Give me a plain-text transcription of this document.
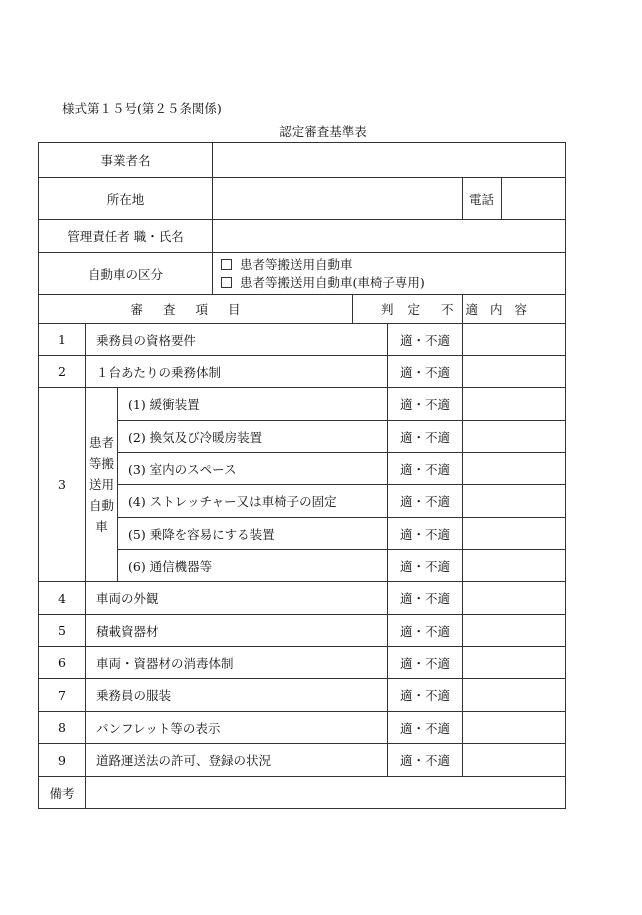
様式第１５号(第２５条関係)
認定審査基準表
事業者名						
所在地						電話

管理責任者 職・氏名						
自動車の区分			患者等搬送用自動車
患者等搬送用自動車(車椅子専用)			

審査項目				判定		不適内容

1	乗務員の資格要件				適・不適	
2	１台あたりの乗務体制				適・不適	
3	患者等搬送用自動車	(1) 緩衝装置			適・不適	
		(2) 換気及び冷暖房装置			適・不適	
		(3) 室内のスペース			適・不適	
		(4) ストレッチャー又は車椅子の固定			適・不適	
		(5) 乗降を容易にする装置			適・不適	
		(6) 通信機器等			適・不適	
4	車両の外観				適・不適	
5	積載資器材				適・不適	
6	車両・資器材の消毒体制				適・不適	
7	乗務員の服装				適・不適	
8	パンフレット等の表示				適・不適	
9	道路運送法の許可、登録の状況				適・不適	
備考						
